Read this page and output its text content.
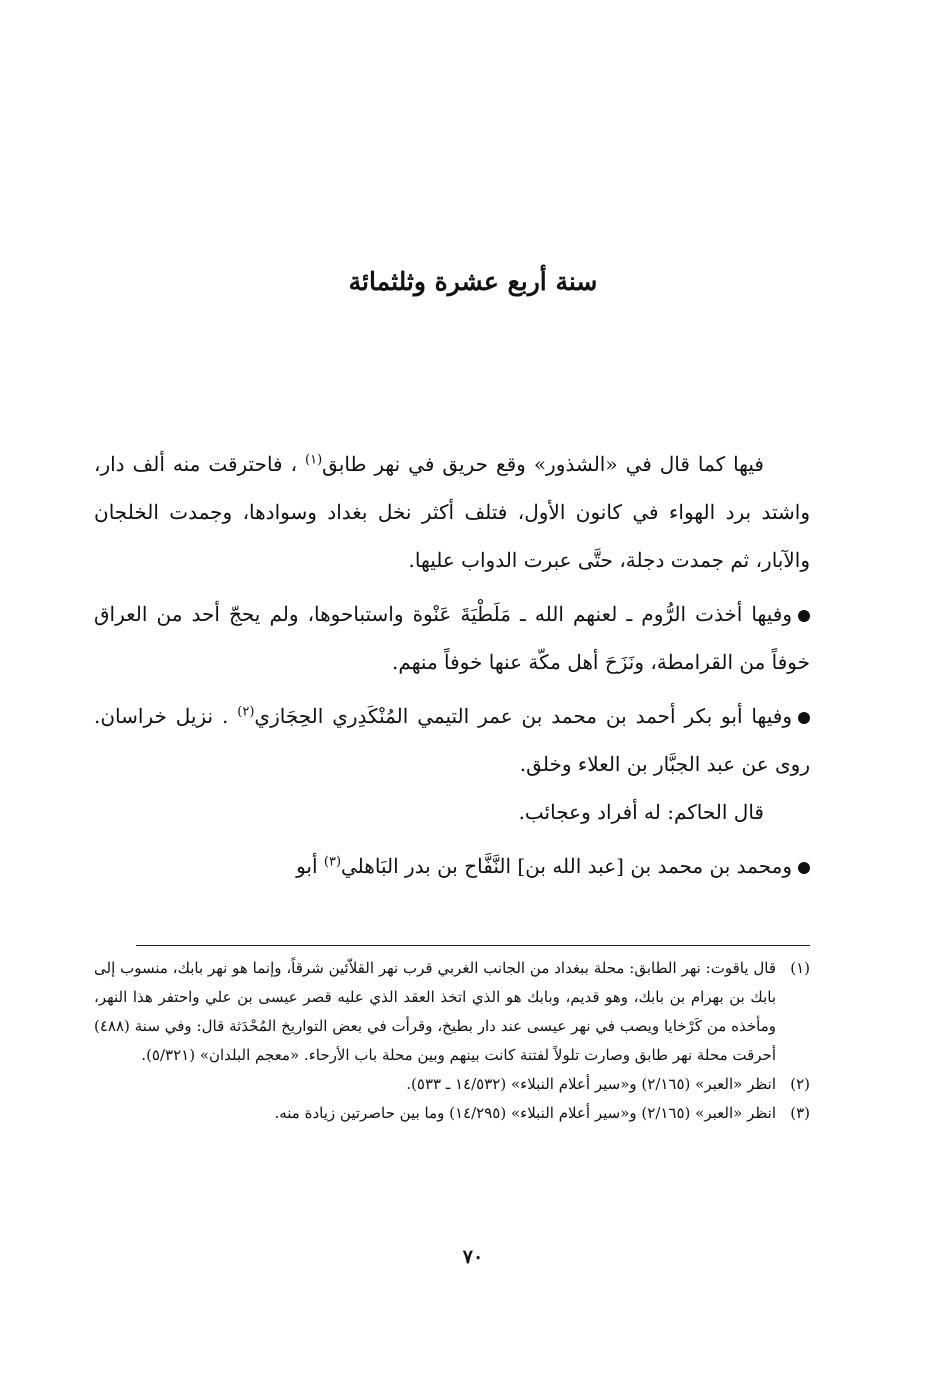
سنة أربع عشرة وثلثمائة

فيها كما قال في «الشذور» وقع حريق في نهر طابق$^{(١)}$ ، فاحترقت منه ألف دار، واشتد برد الهواء في كانون الأول، فتلف أكثر نخل بغداد وسوادها، وجمدت الخلجان والآبار، ثم جمدت دجلة، حتَّى عبرت الدواب عليها.

وفيها أخذت الرُّوم ـ لعنهم الله ـ مَلَطْيَةَ عَنْوة واستباحوها، ولم يحجّ أحد من العراق خوفاً من القرامطة، ونَزَحَ أهل مكّة عنها خوفاً منهم.

وفيها أبو بكر أحمد بن محمد بن عمر التيمي المُنْكَدِري الحِجَازي$^{(٢)}$ . نزيل خراسان. روى عن عبد الجبَّار بن العلاء وخلق.

قال الحاكم: له أفراد وعجائب.

ومحمد بن محمد بن [عبد الله بن] النَّفَّاح بن بدر البَاهلي$^{(٣)}$ أبو

(١)
قال ياقوت: نهر الطابق: محلة ببغداد من الجانب الغربي قرب نهر القلاّئين شرقاً، وإنما هو نهر بابك، منسوب إلى بابك بن بهرام بن بابك، وهو قديم، وبابك هو الذي اتخذ العقد الذي عليه قصر عيسى بن علي واحتفر هذا النهر، ومأخذه من كَرْخايا ويصب في نهر عيسى عند دار بطيخ، وقرأت في بعض التواريخ المُحْدَثة قال: وفي سنة (٤٨٨) أحرقت محلة نهر طابق وصارت تلولاً لفتنة كانت بينهم وبين محلة باب الأرحاء. «معجم البلدان» (٥/٣٢١).

(٢)
انظر «العبر» (٢/١٦٥) و«سير أعلام النبلاء» (١٤/٥٣٢ ـ ٥٣٣).

(٣)
انظر «العبر» (٢/١٦٥) و«سير أعلام النبلاء» (١٤/٢٩٥) وما بين حاصرتين زيادة منه.

٧٠
